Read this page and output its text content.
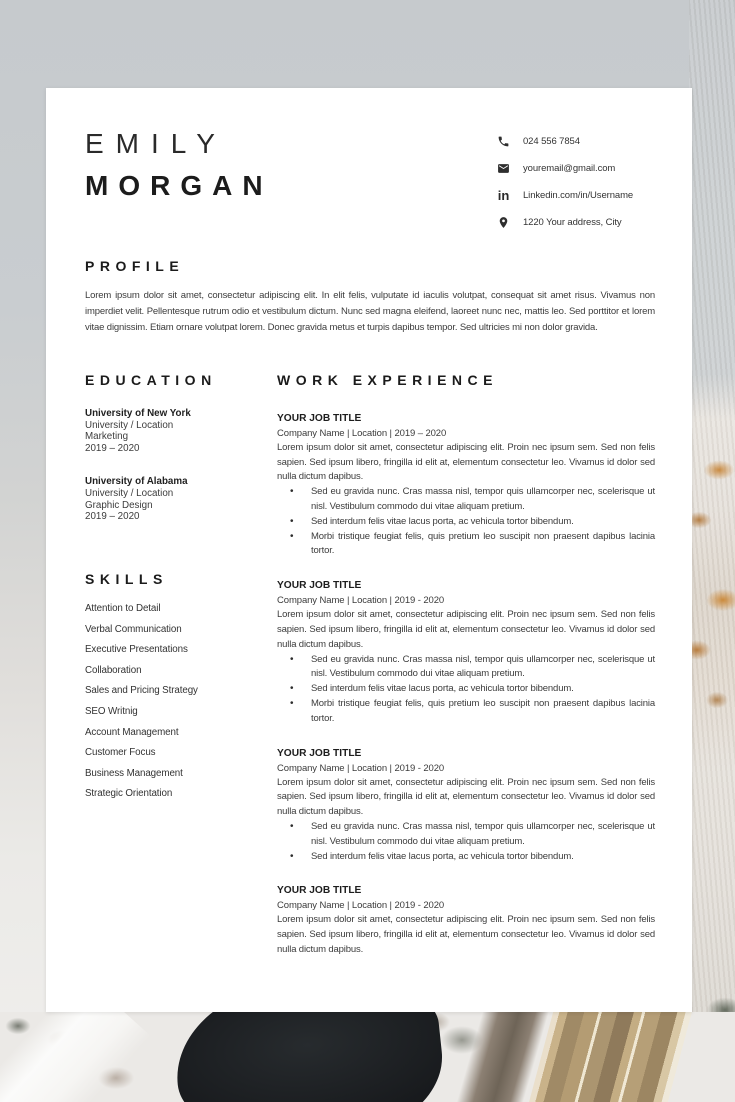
EMILY
MORGAN
024 556 7854
youremail@gmail.com
in Linkedin.com/in/Username
1220 Your address, City
PROFILE

Lorem ipsum dolor sit amet, consectetur adipiscing elit. In elit felis, vulputate id iaculis volutpat, consequat sit amet risus. Vivamus non imperdiet velit. Pellentesque rutrum odio et vestibulum dictum. Nunc sed magna eleifend, laoreet nunc nec, mattis leo. Sed porttitor et lorem vitae dignissim. Etiam ornare volutpat lorem. Donec gravida metus et turpis dapibus tempor. Sed ultricies mi non dolor gravida.

EDUCATION
University of New York
University / Location
Marketing
2019 – 2020
University of Alabama
University / Location
Graphic Design
2019 – 2020
SKILLS
Attention to Detail
Verbal Communication
Executive Presentations
Collaboration
Sales and Pricing Strategy
SEO Writnig
Account Management
Customer Focus
Business Management
Strategic Orientation
WORK EXPERIENCE
YOUR JOB TITLE
Company Name | Location | 2019 – 2020

Lorem ipsum dolor sit amet, consectetur adipiscing elit. Proin nec ipsum sem. Sed non felis sapien. Sed ipsum libero, fringilla id elit at, elementum consectetur leo. Vivamus id dolor sed nulla dictum dapibus.

• Sed eu gravida nunc. Cras massa nisl, tempor quis ullamcorper nec, scelerisque ut nisl. Vestibulum commodo dui vitae aliquam pretium.
• Sed interdum felis vitae lacus porta, ac vehicula tortor bibendum.
• Morbi tristique feugiat felis, quis pretium leo suscipit non praesent dapibus lacinia tortor.
YOUR JOB TITLE
Company Name | Location | 2019 - 2020

Lorem ipsum dolor sit amet, consectetur adipiscing elit. Proin nec ipsum sem. Sed non felis sapien. Sed ipsum libero, fringilla id elit at, elementum consectetur leo. Vivamus id dolor sed nulla dictum dapibus.

• Sed eu gravida nunc. Cras massa nisl, tempor quis ullamcorper nec, scelerisque ut nisl. Vestibulum commodo dui vitae aliquam pretium.
• Sed interdum felis vitae lacus porta, ac vehicula tortor bibendum.
• Morbi tristique feugiat felis, quis pretium leo suscipit non praesent dapibus lacinia tortor.
YOUR JOB TITLE
Company Name | Location | 2019 - 2020

Lorem ipsum dolor sit amet, consectetur adipiscing elit. Proin nec ipsum sem. Sed non felis sapien. Sed ipsum libero, fringilla id elit at, elementum consectetur leo. Vivamus id dolor sed nulla dictum dapibus.

• Sed eu gravida nunc. Cras massa nisl, tempor quis ullamcorper nec, scelerisque ut nisl. Vestibulum commodo dui vitae aliquam pretium.
• Sed interdum felis vitae lacus porta, ac vehicula tortor bibendum.
YOUR JOB TITLE
Company Name | Location | 2019 - 2020

Lorem ipsum dolor sit amet, consectetur adipiscing elit. Proin nec ipsum sem. Sed non felis sapien. Sed ipsum libero, fringilla id elit at, elementum consectetur leo. Vivamus id dolor sed nulla dictum dapibus.
